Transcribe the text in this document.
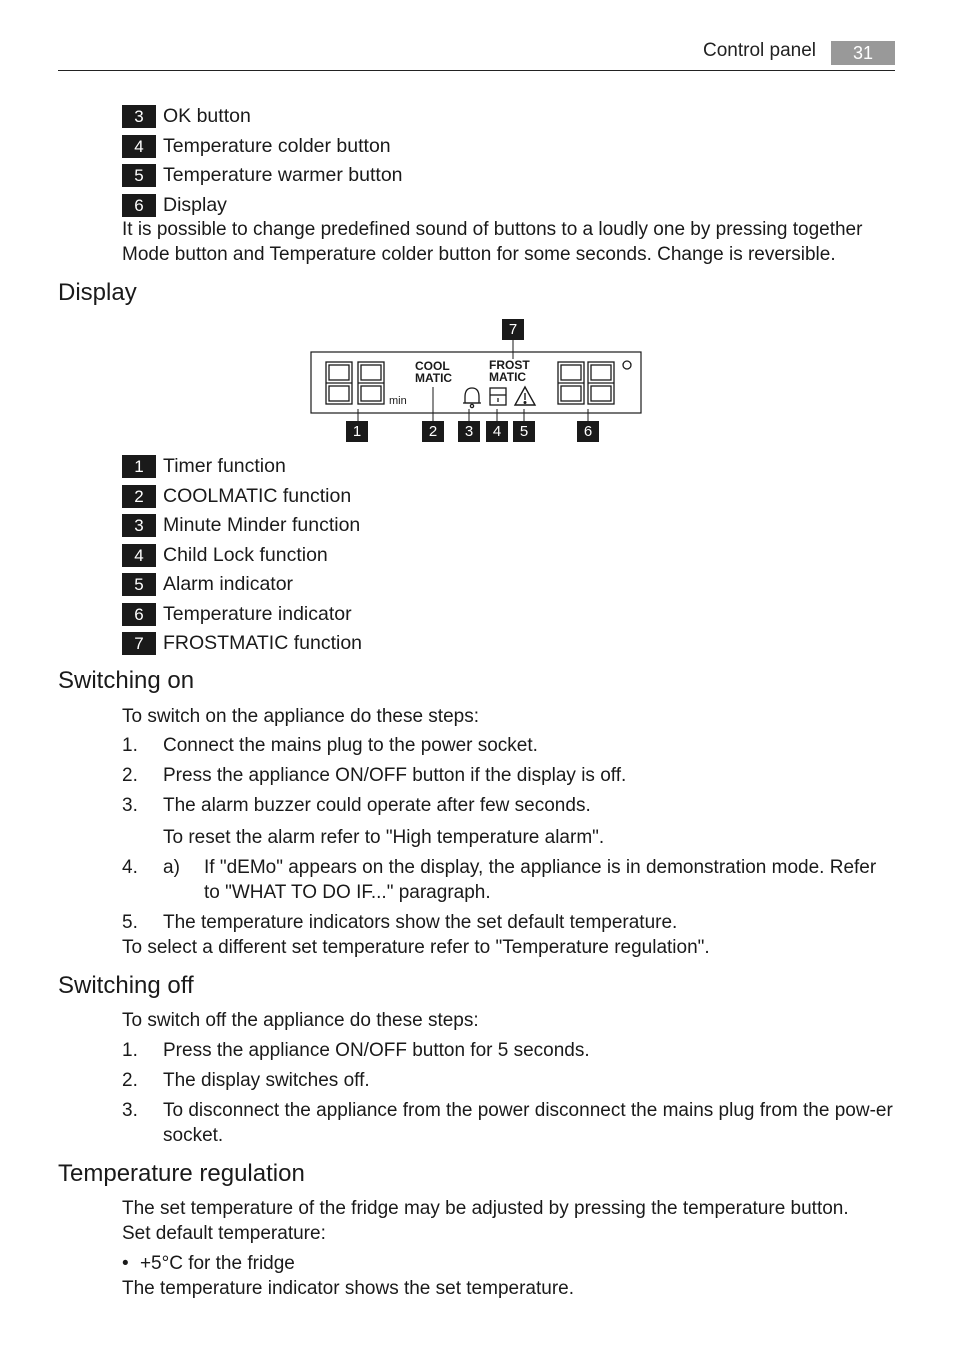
Control panel	31
3 OK button
4 Temperature colder button
5 Temperature warmer button
6 Display
It is possible to change predefined sound of buttons to a loudly one by pressing together Mode button and Temperature colder button for some seconds. Change is reversible.
Display
min
COOL
MATIC
FROST
MATIC
7
1	2	3	4	5	6
1 Timer function
2 COOLMATIC function
3 Minute Minder function
4 Child Lock function
5 Alarm indicator
6 Temperature indicator
7 FROSTMATIC function
Switching on
To switch on the appliance do these steps:
1. Connect the mains plug to the power socket.
2. Press the appliance ON/OFF button if the display is off.
3. The alarm buzzer could operate after few seconds.
To reset the alarm refer to "High temperature alarm".
4. a) If "dEMo" appears on the display, the appliance is in demonstration mode. Refer to "WHAT TO DO IF..." paragraph.
5. The temperature indicators show the set default temperature.
To select a different set temperature refer to "Temperature regulation".
Switching off
To switch off the appliance do these steps:
1. Press the appliance ON/OFF button for 5 seconds.
2. The display switches off.
3. To disconnect the appliance from the power disconnect the mains plug from the pow-er socket.
Temperature regulation
The set temperature of the fridge may be adjusted by pressing the temperature button.
Set default temperature:
• +5°C for the fridge
The temperature indicator shows the set temperature.
